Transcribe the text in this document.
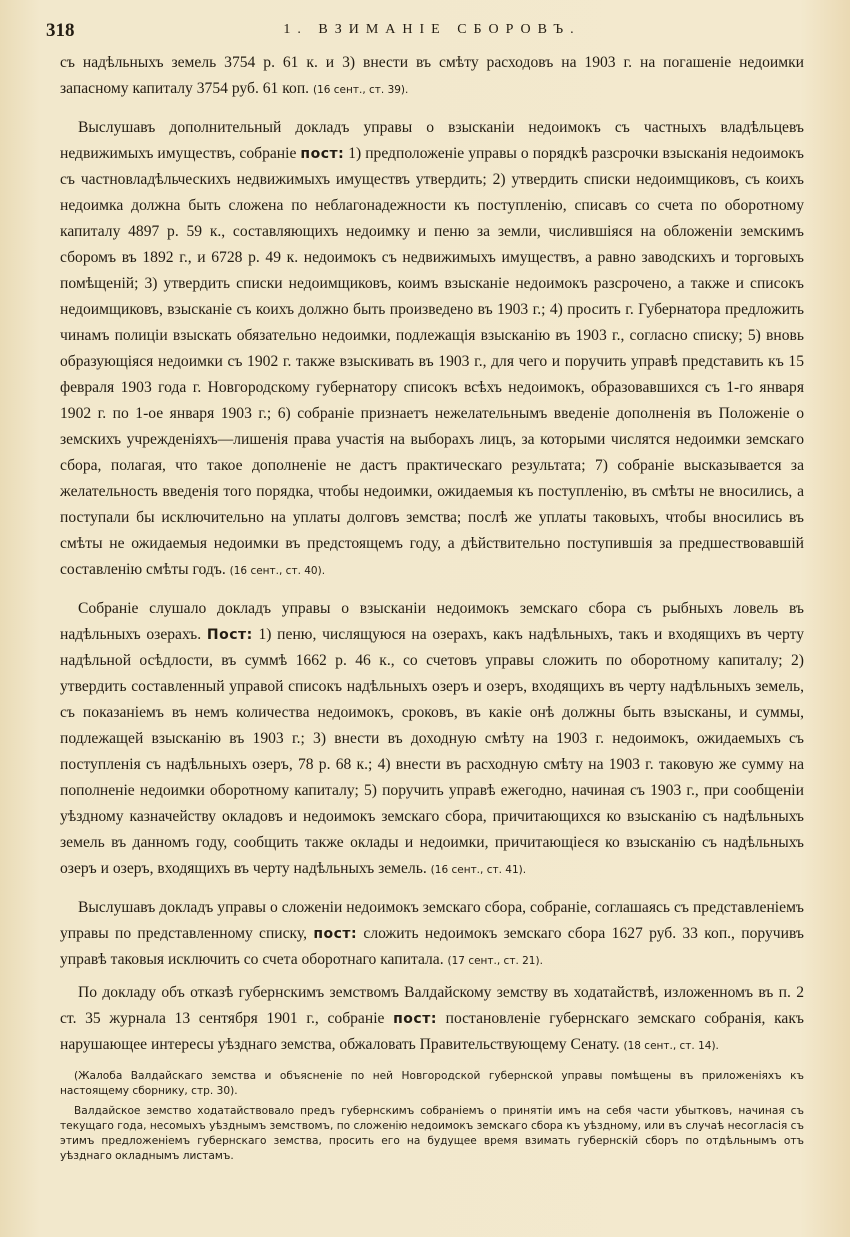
318	1. ВЗИМАНІЕ СБОРОВЪ.

съ надѣльныхъ земель 3754 р. 61 к. и 3) внести въ смѣту расходовъ на 1903 г. на погашеніе недоимки запасному капиталу 3754 руб. 61 коп. (16 сент., ст. 39).

Выслушавъ дополнительный докладъ управы о взысканіи недоимокъ съ частныхъ владѣльцевъ недвижимыхъ имуществъ, собраніе пост: 1) предположеніе управы о порядкѣ разсрочки взысканія недоимокъ съ частновладѣльческихъ недвижимыхъ имуществъ утвердить; 2) утвердить списки недоимщиковъ, съ коихъ недоимка должна быть сложена по неблагонадежности къ поступленію, списавъ со счета по оборотному капиталу 4897 р. 59 к., составляющихъ недоимку и пеню за земли, числившіяся на обложеніи земскимъ сборомъ въ 1892 г., и 6728 р. 49 к. недоимокъ съ недвижимыхъ имуществъ, а равно заводскихъ и торговыхъ помѣщеній; 3) утвердить списки недоимщиковъ, коимъ взысканіе недоимокъ разсрочено, а также и списокъ недоимщиковъ, взысканіе съ коихъ должно быть произведено въ 1903 г.; 4) просить г. Губернатора предложить чинамъ полиціи взыскать обязательно недоимки, подлежащія взысканію въ 1903 г., согласно списку; 5) вновь образующіяся недоимки съ 1902 г. также взыскивать въ 1903 г., для чего и поручить управѣ представить къ 15 февраля 1903 года г. Новгородскому губернатору списокъ всѣхъ недоимокъ, образовавшихся съ 1-го января 1902 г. по 1-ое января 1903 г.; 6) собраніе признаетъ нежелательнымъ введеніе дополненія въ Положеніе о земскихъ учрежденіяхъ—лишенія права участія на выборахъ лицъ, за которыми числятся недоимки земскаго сбора, полагая, что такое дополненіе не дастъ практическаго результата; 7) собраніе высказывается за желательность введенія того порядка, чтобы недоимки, ожидаемыя къ поступленію, въ смѣты не вносились, а поступали бы исключительно на уплаты долговъ земства; послѣ же уплаты таковыхъ, чтобы вносились въ смѣты не ожидаемыя недоимки въ предстоящемъ году, а дѣйствительно поступившія за предшествовавшій составленію смѣты годъ. (16 сент., ст. 40).

Собраніе слушало докладъ управы о взысканіи недоимокъ земскаго сбора съ рыбныхъ ловель въ надѣльныхъ озерахъ. Пост: 1) пеню, числящуюся на озерахъ, какъ надѣльныхъ, такъ и входящихъ въ черту надѣльной осѣдлости, въ суммѣ 1662 р. 46 к., со счетовъ управы сложить по оборотному капиталу; 2) утвердить составленный управой списокъ надѣльныхъ озеръ и озеръ, входящихъ въ черту надѣльныхъ земель, съ показаніемъ въ немъ количества недоимокъ, сроковъ, въ какіе онѣ должны быть взысканы, и суммы, подлежащей взысканію въ 1903 г.; 3) внести въ доходную смѣту на 1903 г. недоимокъ, ожидаемыхъ съ поступленія съ надѣльныхъ озеръ, 78 р. 68 к.; 4) внести въ расходную смѣту на 1903 г. таковую же сумму на пополненіе недоимки оборотному капиталу; 5) поручить управѣ ежегодно, начиная съ 1903 г., при сообщеніи уѣздному казначейству окладовъ и недоимокъ земскаго сбора, причитающихся ко взысканію съ надѣльныхъ земель въ данномъ году, сообщить также оклады и недоимки, причитающіеся ко взысканію съ надѣльныхъ озеръ и озеръ, входящихъ въ черту надѣльныхъ земель. (16 сент., ст. 41).

Выслушавъ докладъ управы о сложеніи недоимокъ земскаго сбора, собраніе, соглашаясь съ представленіемъ управы по представленному списку, пост: сложить недоимокъ земскаго сбора 1627 руб. 33 коп., поручивъ управѣ таковыя исключить со счета оборотнаго капитала. (17 сент., ст. 21).

По докладу объ отказѣ губернскимъ земствомъ Валдайскому земству въ ходатайствѣ, изложенномъ въ п. 2 ст. 35 журнала 13 сентября 1901 г., собраніе пост: постановленіе губернскаго земскаго собранія, какъ нарушающее интересы уѣзднаго земства, обжаловать Правительствующему Сенату. (18 сент., ст. 14).

(Жалоба Валдайскаго земства и объясненіе по ней Новгородской губернской управы помѣщены въ приложеніяхъ къ настоящему сборнику, стр. 30).

Валдайское земство ходатайствовало предъ губернскимъ собраніемъ о принятіи имъ на себя части убытковъ, начиная съ текущаго года, несомыхъ уѣзднымъ земствомъ, по сложенію недоимокъ земскаго сбора къ уѣздному, или въ случаѣ несогласія съ этимъ предложеніемъ губернскаго земства, просить его на будущее время взимать губернскій сборъ по отдѣльнымъ отъ уѣзднаго окладнымъ листамъ.
